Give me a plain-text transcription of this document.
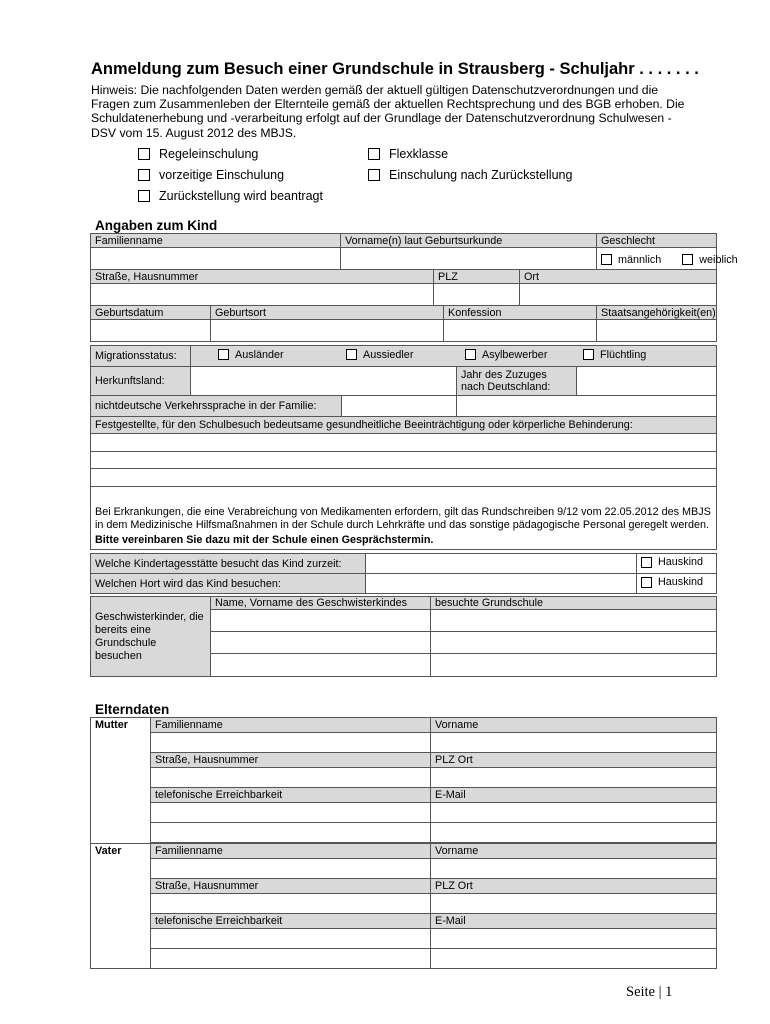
Anmeldung zum Besuch einer Grundschule in Strausberg - Schuljahr . . . . . . .
Hinweis: Die nachfolgenden Daten werden gemäß der aktuell gültigen Datenschutzverordnungen und die Fragen zum Zusammenleben der Elternteile gemäß der aktuellen Rechtsprechung und des BGB erhoben. Die Schuldatenerhebung und -verarbeitung erfolgt auf der Grundlage der Datenschutzverordnung Schulwesen - DSV vom 15. August 2012 des MBJS.
Regeleinschulung
vorzeitige Einschulung
Zurückstellung wird beantragt
Flexklasse
Einschulung nach Zurückstellung
Angaben zum Kind
Familienname		Vorname(n) laut Geburtsurkunde				Geschlecht

						männlich
weiblich

Straße, Hausnummer			PLZ		Ort	

Geburtsdatum	Geburtsort			Konfession		Staatsangehörigkeit(en)

Migrationsstatus:	Ausländer Aussiedler Asylbewerber Flüchtling		

Herkunftsland:		Jahr des Zuzuges nach Deutschland:	
nichtdeutsche Verkehrssprache in der Familie:		

Festgestellte, für den Schulbesuch bedeutsame gesundheitliche Beeinträchtigung oder körperliche Behinderung:			

Bei Erkrankungen, die eine Verabreichung von Medikamenten erfordern, gilt das Rundschreiben 9/12 vom 22.05.2012 des MBJS in dem Medizinische Hilfsmaßnahmen in der Schule durch Lehrkräfte und das sonstige pädagogische Personal geregelt werden.
Bitte vereinbaren Sie dazu mit der Schule einen Gesprächstermin.			
Welche Kindertagesstätte besucht das Kind zurzeit:		Hauskind

Welchen Hort wird das Kind besuchen:		Hauskind
Geschwisterkinder, die bereits eine Grundschule besuchen	Name, Vorname des Geschwisterkindes	besuchte Grundschule

Elterndaten
Mutter	Familienname	Vorname

	Straße, Hausnummer	PLZ Ort

	telefonische Erreichbarkeit	E-Mail

Vater	Familienname	Vorname

	Straße, Hausnummer	PLZ Ort

	telefonische Erreichbarkeit	E-Mail

Seite | 1
